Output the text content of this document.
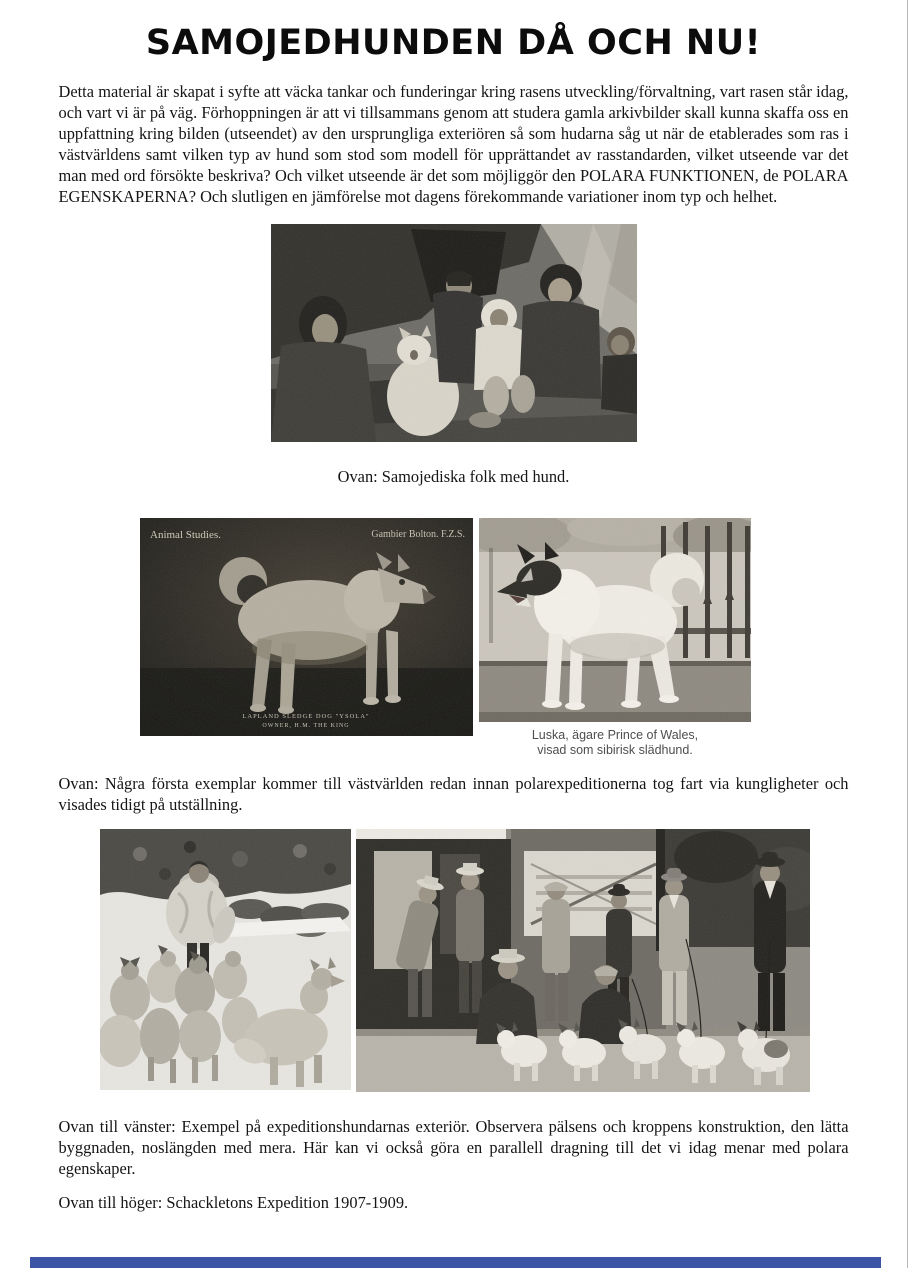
SAMOJEDHUNDEN DÅ OCH NU!

Detta material är skapat i syfte att väcka tankar och funderingar kring rasens utveckling/förvaltning, vart rasen står idag, och vart vi är på väg. Förhoppningen är att vi tillsammans genom att studera gamla arkivbilder skall kunna skaffa oss en uppfattning kring bilden (utseendet) av den ursprungliga exteriören så som hudarna såg ut när de etablerades som ras i västvärldens samt vilken typ av hund som stod som modell för upprättandet av rasstandarden, vilket utseende var det man med ord försökte beskriva? Och vilket utseende är det som möjliggör den POLARA FUNKTIONEN, de POLARA EGENSKAPERNA? Och slutligen en jämförelse mot dagens förekommande variationer inom typ och helhet.

Ovan: Samojediska folk med hund.

Animal Studies.	Gambier Bolton. F.Z.S.
LAPLAND SLEDGE DOG "YSOLA"
OWNER, H.M. THE KING
Luska, ägare Prince of Wales,
visad som sibirisk slädhund.

Ovan: Några första exemplar kommer till västvärlden redan innan polarexpeditionerna tog fart via kungligheter och visades tidigt på utställning.

Ovan till vänster: Exempel på expeditionshundarnas exteriör. Observera pälsens och kroppens konstruktion, den lätta byggnaden, noslängden med mera. Här kan vi också göra en parallell dragning till det vi idag menar med polara egenskaper.

Ovan till höger: Schackletons Expedition 1907-1909.
